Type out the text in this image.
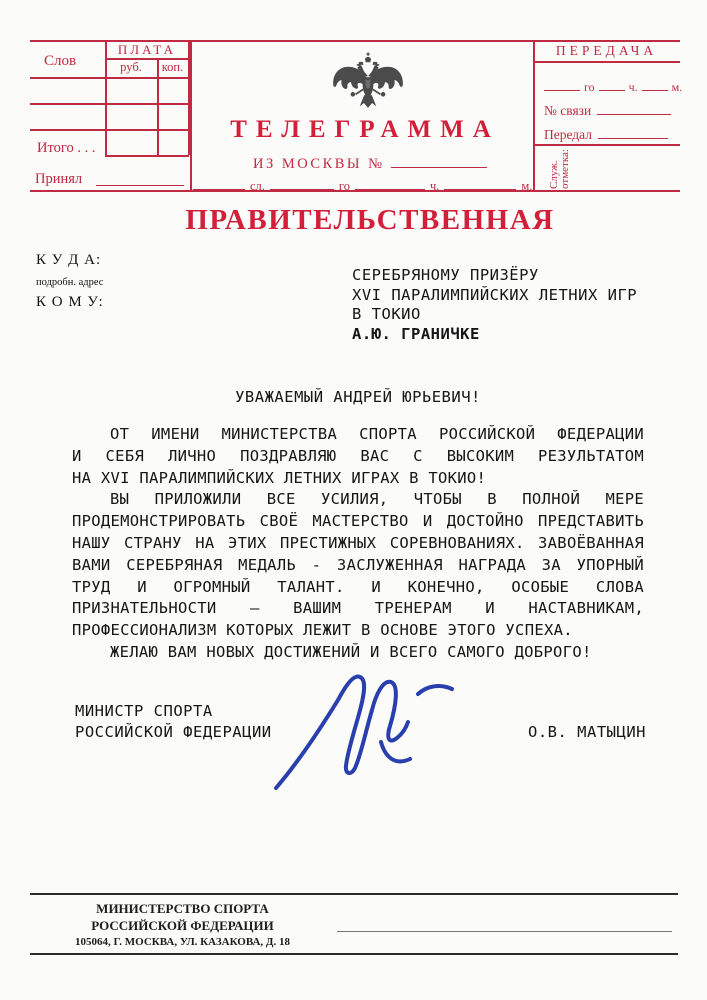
ПЛАТА
Слов	руб.	коп.
Итого . . .
Принял
ТЕЛЕГРАММА
ИЗ МОСКВЫ №
сл.	го	ч.	м.
ПЕРЕДАЧА
го	ч.	м.
№ связи
Передал
Служ. отметка:
ПРАВИТЕЛЬСТВЕННАЯ
К У Д А:
подробн. адрес
К О М У:
СЕРЕБРЯНОМУ ПРИЗЁРУ
XVI ПАРАЛИМПИЙСКИХ ЛЕТНИХ ИГР
В ТОКИО
А.Ю. ГРАНИЧКЕ
УВАЖАЕМЫЙ АНДРЕЙ ЮРЬЕВИЧ!
ОТ ИМЕНИ МИНИСТЕРСТВА СПОРТА РОССИЙСКОЙ ФЕДЕРАЦИИ
И СЕБЯ ЛИЧНО ПОЗДРАВЛЯЮ ВАС С ВЫСОКИМ РЕЗУЛЬТАТОМ
НА XVI ПАРАЛИМПИЙСКИХ ЛЕТНИХ ИГРАХ В ТОКИО!
ВЫ ПРИЛОЖИЛИ ВСЕ УСИЛИЯ, ЧТОБЫ В ПОЛНОЙ МЕРЕ
ПРОДЕМОНСТРИРОВАТЬ СВОЁ МАСТЕРСТВО И ДОСТОЙНО ПРЕДСТАВИТЬ
НАШУ СТРАНУ НА ЭТИХ ПРЕСТИЖНЫХ СОРЕВНОВАНИЯХ. ЗАВОЁВАННАЯ
ВАМИ СЕРЕБРЯНАЯ МЕДАЛЬ - ЗАСЛУЖЕННАЯ НАГРАДА ЗА УПОРНЫЙ
ТРУД И ОГРОМНЫЙ ТАЛАНТ. И КОНЕЧНО, ОСОБЫЕ СЛОВА
ПРИЗНАТЕЛЬНОСТИ – ВАШИМ ТРЕНЕРАМ И НАСТАВНИКАМ,
ПРОФЕССИОНАЛИЗМ КОТОРЫХ ЛЕЖИТ В ОСНОВЕ ЭТОГО УСПЕХА.
ЖЕЛАЮ ВАМ НОВЫХ ДОСТИЖЕНИЙ И ВСЕГО САМОГО ДОБРОГО!
МИНИСТР СПОРТА
РОССИЙСКОЙ ФЕДЕРАЦИИ	О.В. МАТЫЦИН
МИНИСТЕРСТВО СПОРТА
РОССИЙСКОЙ ФЕДЕРАЦИИ
105064, Г. МОСКВА, УЛ. КАЗАКОВА, Д. 18
